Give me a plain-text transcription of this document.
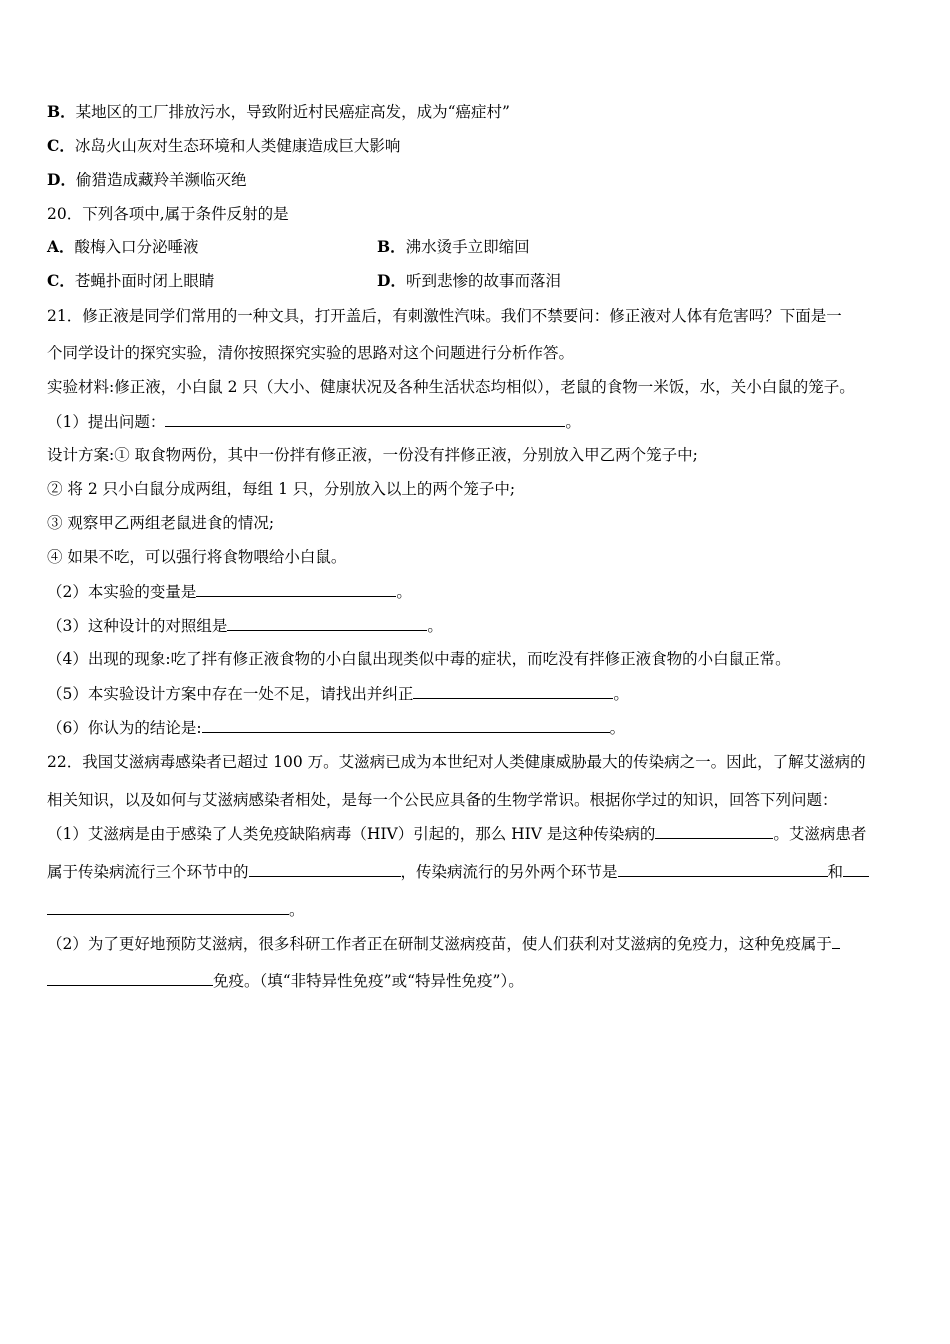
B．某地区的工厂排放污水，导致附近村民癌症高发，成为“癌症村”
C．冰岛火山灰对生态环境和人类健康造成巨大影响
D．偷猎造成藏羚羊濒临灭绝
20．下列各项中,属于条件反射的是
A．酸梅入口分泌唾液	B．沸水烫手立即缩回
C．苍蝇扑面时闭上眼睛	D．听到悲惨的故事而落泪
21．修正液是同学们常用的一种文具，打开盖后，有刺激性汽味。我们不禁要问：修正液对人体有危害吗？下面是一
个同学设计的探究实验，清你按照探究实验的思路对这个问题进行分析作答。
实验材料:修正液，小白鼠 2 只（大小、健康状况及各种生活状态均相似），老鼠的食物一米饭，水，关小白鼠的笼子。
（1）提出问题：	。
设计方案:① 取食物两份，其中一份拌有修正液，一份没有拌修正液，分别放入甲乙两个笼子中;
② 将 2 只小白鼠分成两组，每组 1 只，分别放入以上的两个笼子中;
③ 观察甲乙两组老鼠进食的情况;
④ 如果不吃，可以强行将食物喂给小白鼠。
（2）本实验的变量是	。
（3）这种设计的对照组是	。
（4）出现的现象:吃了拌有修正液食物的小白鼠出现类似中毒的症状，而吃没有拌修正液食物的小白鼠正常。
（5）本实验设计方案中存在一处不足，请找出并纠正	。
（6）你认为的结论是:	。
22．我国艾滋病毒感染者已超过 100 万。艾滋病已成为本世纪对人类健康威胁最大的传染病之一。因此，了解艾滋病的
相关知识，以及如何与艾滋病感染者相处，是每一个公民应具备的生物学常识。根据你学过的知识，回答下列问题：
（1）艾滋病是由于感染了人类免疫缺陷病毒（HIV）引起的，那么 HIV 是这种传染病的	。艾滋病患者
属于传染病流行三个环节中的	，传染病流行的另外两个环节是	和
。
（2）为了更好地预防艾滋病，很多科研工作者正在研制艾滋病疫苗，使人们获利对艾滋病的免疫力，这种免疫属于
免疫。（填“非特异性免疫”或“特异性免疫”）。
